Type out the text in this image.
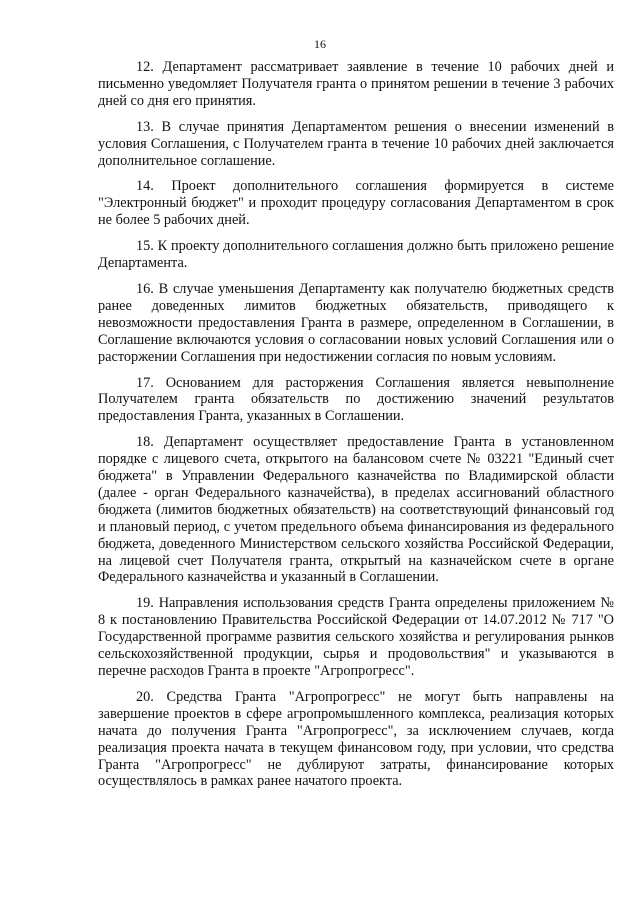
16

12. Департамент рассматривает заявление в течение 10 рабочих дней и письменно уведомляет Получателя гранта о принятом решении в течение 3 рабочих дней со дня его принятия.

13. В случае принятия Департаментом решения о внесении изменений в условия Соглашения, с Получателем гранта в течение 10 рабочих дней заключается дополнительное соглашение.

14. Проект дополнительного соглашения формируется в системе "Электронный бюджет" и проходит процедуру согласования Департаментом в срок не более 5 рабочих дней.

15. К проекту дополнительного соглашения должно быть приложено решение Департамента.

16. В случае уменьшения Департаменту как получателю бюджетных средств ранее доведенных лимитов бюджетных обязательств, приводящего к невозможности предоставления Гранта в размере, определенном в Соглашении, в Соглашение включаются условия о согласовании новых условий Соглашения или о расторжении Соглашения при недостижении согласия по новым условиям.

17. Основанием для расторжения Соглашения является невыполнение Получателем гранта обязательств по достижению значений результатов предоставления Гранта, указанных в Соглашении.

18. Департамент осуществляет предоставление Гранта в установленном порядке с лицевого счета, открытого на балансовом счете № 03221 "Единый счет бюджета" в Управлении Федерального казначейства по Владимирской области (далее - орган Федерального казначейства), в пределах ассигнований областного бюджета (лимитов бюджетных обязательств) на соответствующий финансовый год и плановый период, с учетом предельного объема финансирования из федерального бюджета, доведенного Министерством сельского хозяйства Российской Федерации, на лицевой счет Получателя гранта, открытый на казначейском счете в органе Федерального казначейства и указанный в Соглашении.

19. Направления использования средств Гранта определены приложением № 8 к постановлению Правительства Российской Федерации от 14.07.2012 № 717 "О Государственной программе развития сельского хозяйства и регулирования рынков сельскохозяйственной продукции, сырья и продовольствия" и указываются в перечне расходов Гранта в проекте "Агропрогресс".

20. Средства Гранта "Агропрогресс" не могут быть направлены на завершение проектов в сфере агропромышленного комплекса, реализация которых начата до получения Гранта "Агропрогресс", за исключением случаев, когда реализация проекта начата в текущем финансовом году, при условии, что средства Гранта "Агропрогресс" не дублируют затраты, финансирование которых осуществлялось в рамках ранее начатого проекта.
